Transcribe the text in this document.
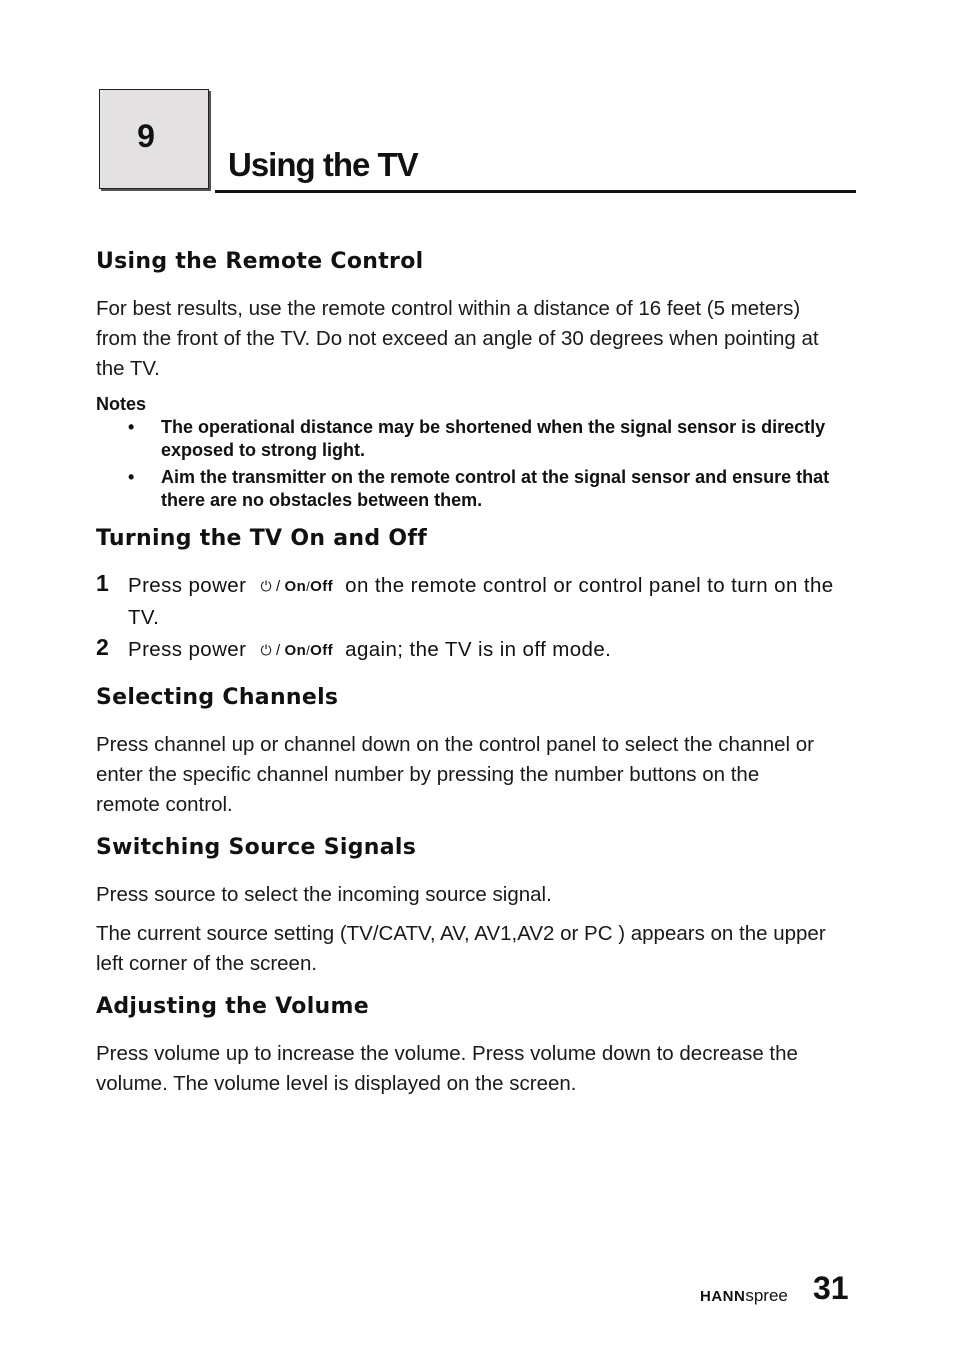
9
Using the TV
Using the Remote Control

For best results, use the remote control within a distance of 16 feet (5 meters) from the front of the TV. Do not exceed an angle of 30 degrees when pointing at the TV.

Notes
• The operational distance may be shortened when the signal sensor is directly exposed to strong light.
• Aim the transmitter on the remote control at the signal sensor and ensure that there are no obstacles between them.
Turning the TV On and Off
1 Press power ⏻ / On/Off on the remote control or control panel to turn on the TV.
2 Press power ⏻ / On/Off again; the TV is in off mode.
Selecting Channels

Press channel up or channel down on the control panel to select the channel or enter the specific channel number by pressing the number buttons on the remote control.

Switching Source Signals

Press source to select the incoming source signal.

The current source setting (TV/CATV, AV, AV1,AV2 or PC ) appears on the upper left corner of the screen.

Adjusting the Volume

Press volume up to increase the volume. Press volume down to decrease the volume. The volume level is displayed on the screen.

HANNspree 31
